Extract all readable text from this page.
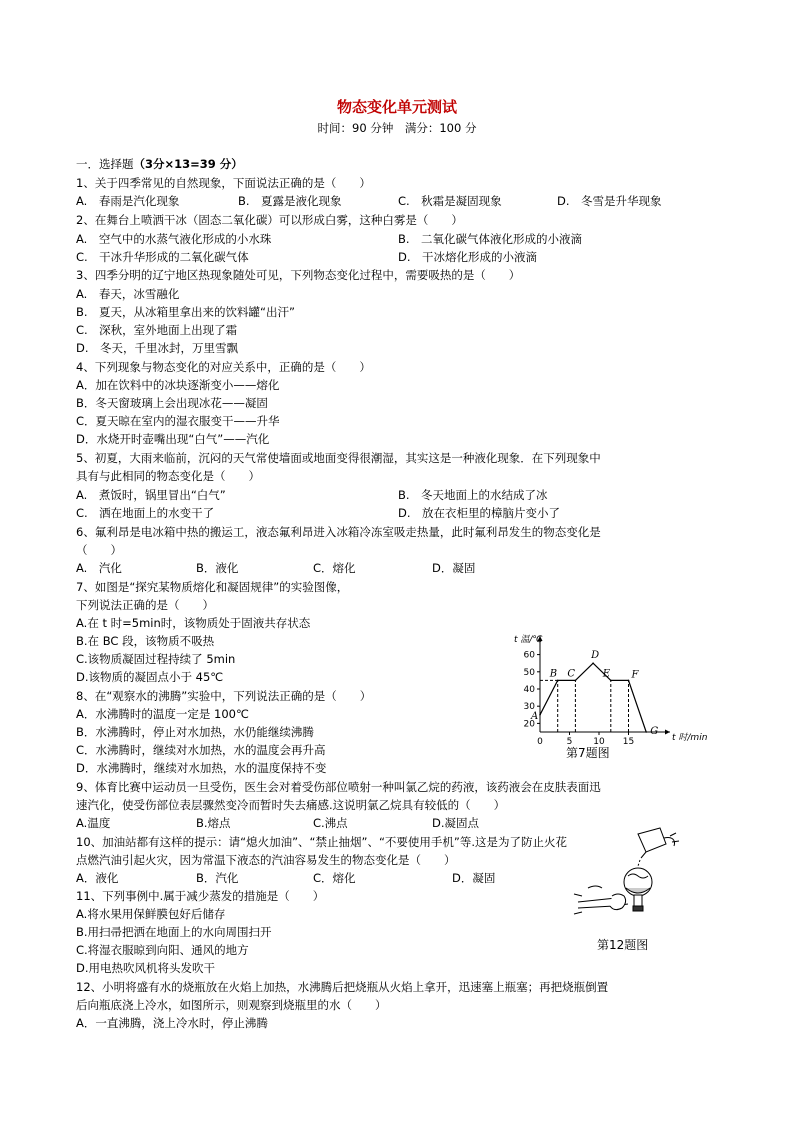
物态变化单元测试
时间：90 分钟　满分：100 分
一．选择题（3分×13=39 分）
1、关于四季常见的自然现象，下面说法正确的是（　　）
A.　春雨是汽化现象	B.　夏露是液化现象	C.　秋霜是凝固现象	D.　冬雪是升华现象
2、在舞台上喷洒干冰（固态二氧化碳）可以形成白雾，这种白雾是（　　）
A.　空气中的水蒸气液化形成的小水珠	B.　二氧化碳气体液化形成的小液滴
C.　干冰升华形成的二氧化碳气体	D.　干冰熔化形成的小液滴
3、四季分明的辽宁地区热现象随处可见，下列物态变化过程中，需要吸热的是（　　）
A.　春天，冰雪融化
B.　夏天，从冰箱里拿出来的饮料罐“出汗”
C.　深秋，室外地面上出现了霜
D.　冬天，千里冰封，万里雪飘
4、下列现象与物态变化的对应关系中，正确的是（　　）
A．加在饮料中的冰块逐渐变小——熔化
B．冬天窗玻璃上会出现冰花——凝固
C．夏天晾在室内的湿衣服变干——升华
D．水烧开时壶嘴出现“白气”——汽化
5、初夏，大雨来临前，沉闷的天气常使墙面或地面变得很潮湿，其实这是一种液化现象．在下列现象中
具有与此相同的物态变化是（　　）
A.　煮饭时，锅里冒出“白气”	B.　冬天地面上的水结成了冰
C.　洒在地面上的水变干了	D.　放在衣柜里的樟脑片变小了
6、氟利昂是电冰箱中热的搬运工，液态氟利昂进入冰箱冷冻室吸走热量，此时氟利昂发生的物态变化是
（　　）
A.　汽化	B．液化	C．熔化	D．凝固
7、如图是“探究某物质熔化和凝固规律”的实验图像，
下列说法正确的是（　　）
A.在 t 时=5min时，该物质处于固液共存状态
B.在 BC 段，该物质不吸热
C.该物质凝固过程持续了 5min
D.该物质的凝固点小于 45℃
t 温/℃
t 时/min
20
30
40
50
60
0	5 10 15
A
B C
D
E F
G
第7题图
8、在“观察水的沸腾”实验中，下列说法正确的是（　　）
A．水沸腾时的温度一定是 100℃
B．水沸腾时，停止对水加热，水仍能继续沸腾
C．水沸腾时，继续对水加热，水的温度会再升高
D．水沸腾时，继续对水加热，水的温度保持不变
9、体育比赛中运动员一旦受伤，医生会对着受伤部位喷射一种叫氯乙烷的药液，该药液会在皮肤表面迅
速汽化，使受伤部位表层骤然变冷而暂时失去痛感.这说明氯乙烷具有较低的（　　）
A.温度	B.熔点	C.沸点	D.凝固点
10、加油站都有这样的提示：请“熄火加油”、“禁止抽烟”、“不要使用手机”等.这是为了防止火花
点燃汽油引起火灾，因为常温下液态的汽油容易发生的物态变化是（　　）
A．液化	B．汽化	C．熔化	D．凝固
11、下列事例中.属于减少蒸发的措施是（　　）
A.将水果用保鲜膜包好后储存
B.用扫帚把洒在地面上的水向周围扫开
C.将湿衣服晾到向阳、通风的地方
D.用电热吹风机将头发吹干
第12题图
12、小明将盛有水的烧瓶放在火焰上加热，水沸腾后把烧瓶从火焰上拿开，迅速塞上瓶塞；再把烧瓶倒置
后向瓶底浇上冷水，如图所示，则观察到烧瓶里的水（　　）
A．一直沸腾，浇上冷水时，停止沸腾
